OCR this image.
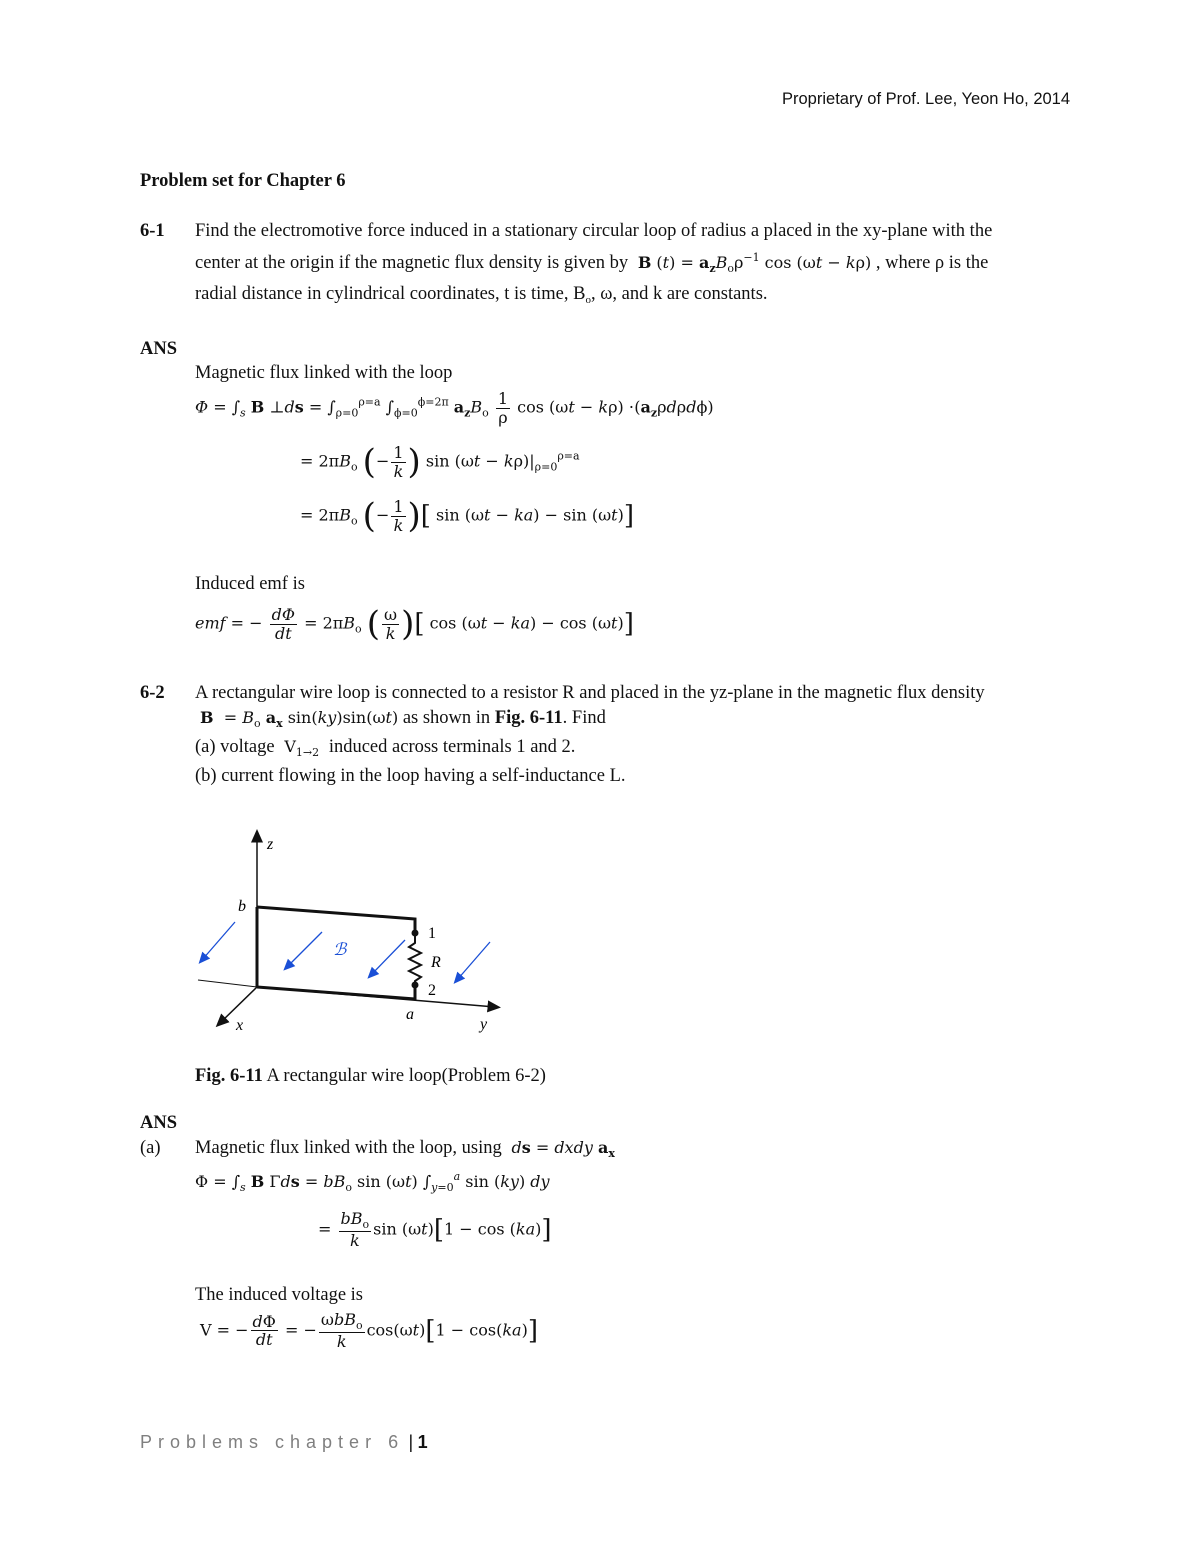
Proprietary of Prof. Lee, Yeon Ho, 2014
Problem set for Chapter 6
6-1 Find the electromotive force induced in a stationary circular loop of radius a placed in the xy-plane with the
center at the origin if the magnetic flux density is given by B $(t) = a_zB_o\rho^{-1}$ cos (ωt − kρ) , where ρ is the
radial distance in cylindrical coordinates, t is time, $B_o$, ω, and k are constants.
ANS
Magnetic flux linked with the loop
$\Phi = \int_s$ B ⊥ds = $\int_{\rho=0}^{\rho=a}$ $\int_{\phi=0}^{\phi=2\pi}$ $a_zB_o \frac{1}{\rho}$ $\cos (\omega t - k\rho) \cdot(a_z\rho d\rho d\phi)$
= $2\pi B_o$ (− $\frac{1}{k}$ ) $\sin (\omega t - k\rho)|_{\rho=0}^{\rho=a}$
= $2\pi B_o$ (− $\frac{1}{k}$ )[ sin (ωt − ka) − sin (ωt)]
Induced emf is
emf = − $\frac{d\Phi}{dt} = 2\pi B_o$ ( $\frac{\omega}{k}$ )[ cos (ωt − ka) − cos (ωt)]
6-2 A rectangular wire loop is connected to a resistor R and placed in the yz-plane in the magnetic flux density
$B = B_o$ $a_x$ sin(ky)sin(ωt) as shown in Fig. 6-11. Find
(a) voltage  $V_{1\to 2}$ induced across terminals 1 and 2.
(b) current flowing in the loop having a self-inductance L.
z
x	y
b
a
1
2
R
ℬ
Fig. 6-11 A rectangular wire loop(Problem 6-2)
ANS
(a) Magnetic flux linked with the loop, using ds = dxdy $a_x$
$\Phi = \int_s$ B $\Gamma ds = bB_o$ sin (ωt) $\int_{y=0}^a$ sin (ky) dy
= $\frac{bB_o}{k}$ sin (ωt)[1 − cos (ka)]
The induced voltage is
V = − $\frac{d\Phi}{dt}$ = − $\frac{\omega bB_o}{k} \cos(\omega t)[1 - \cos(ka)]$
Problems chapter 6 | 1
